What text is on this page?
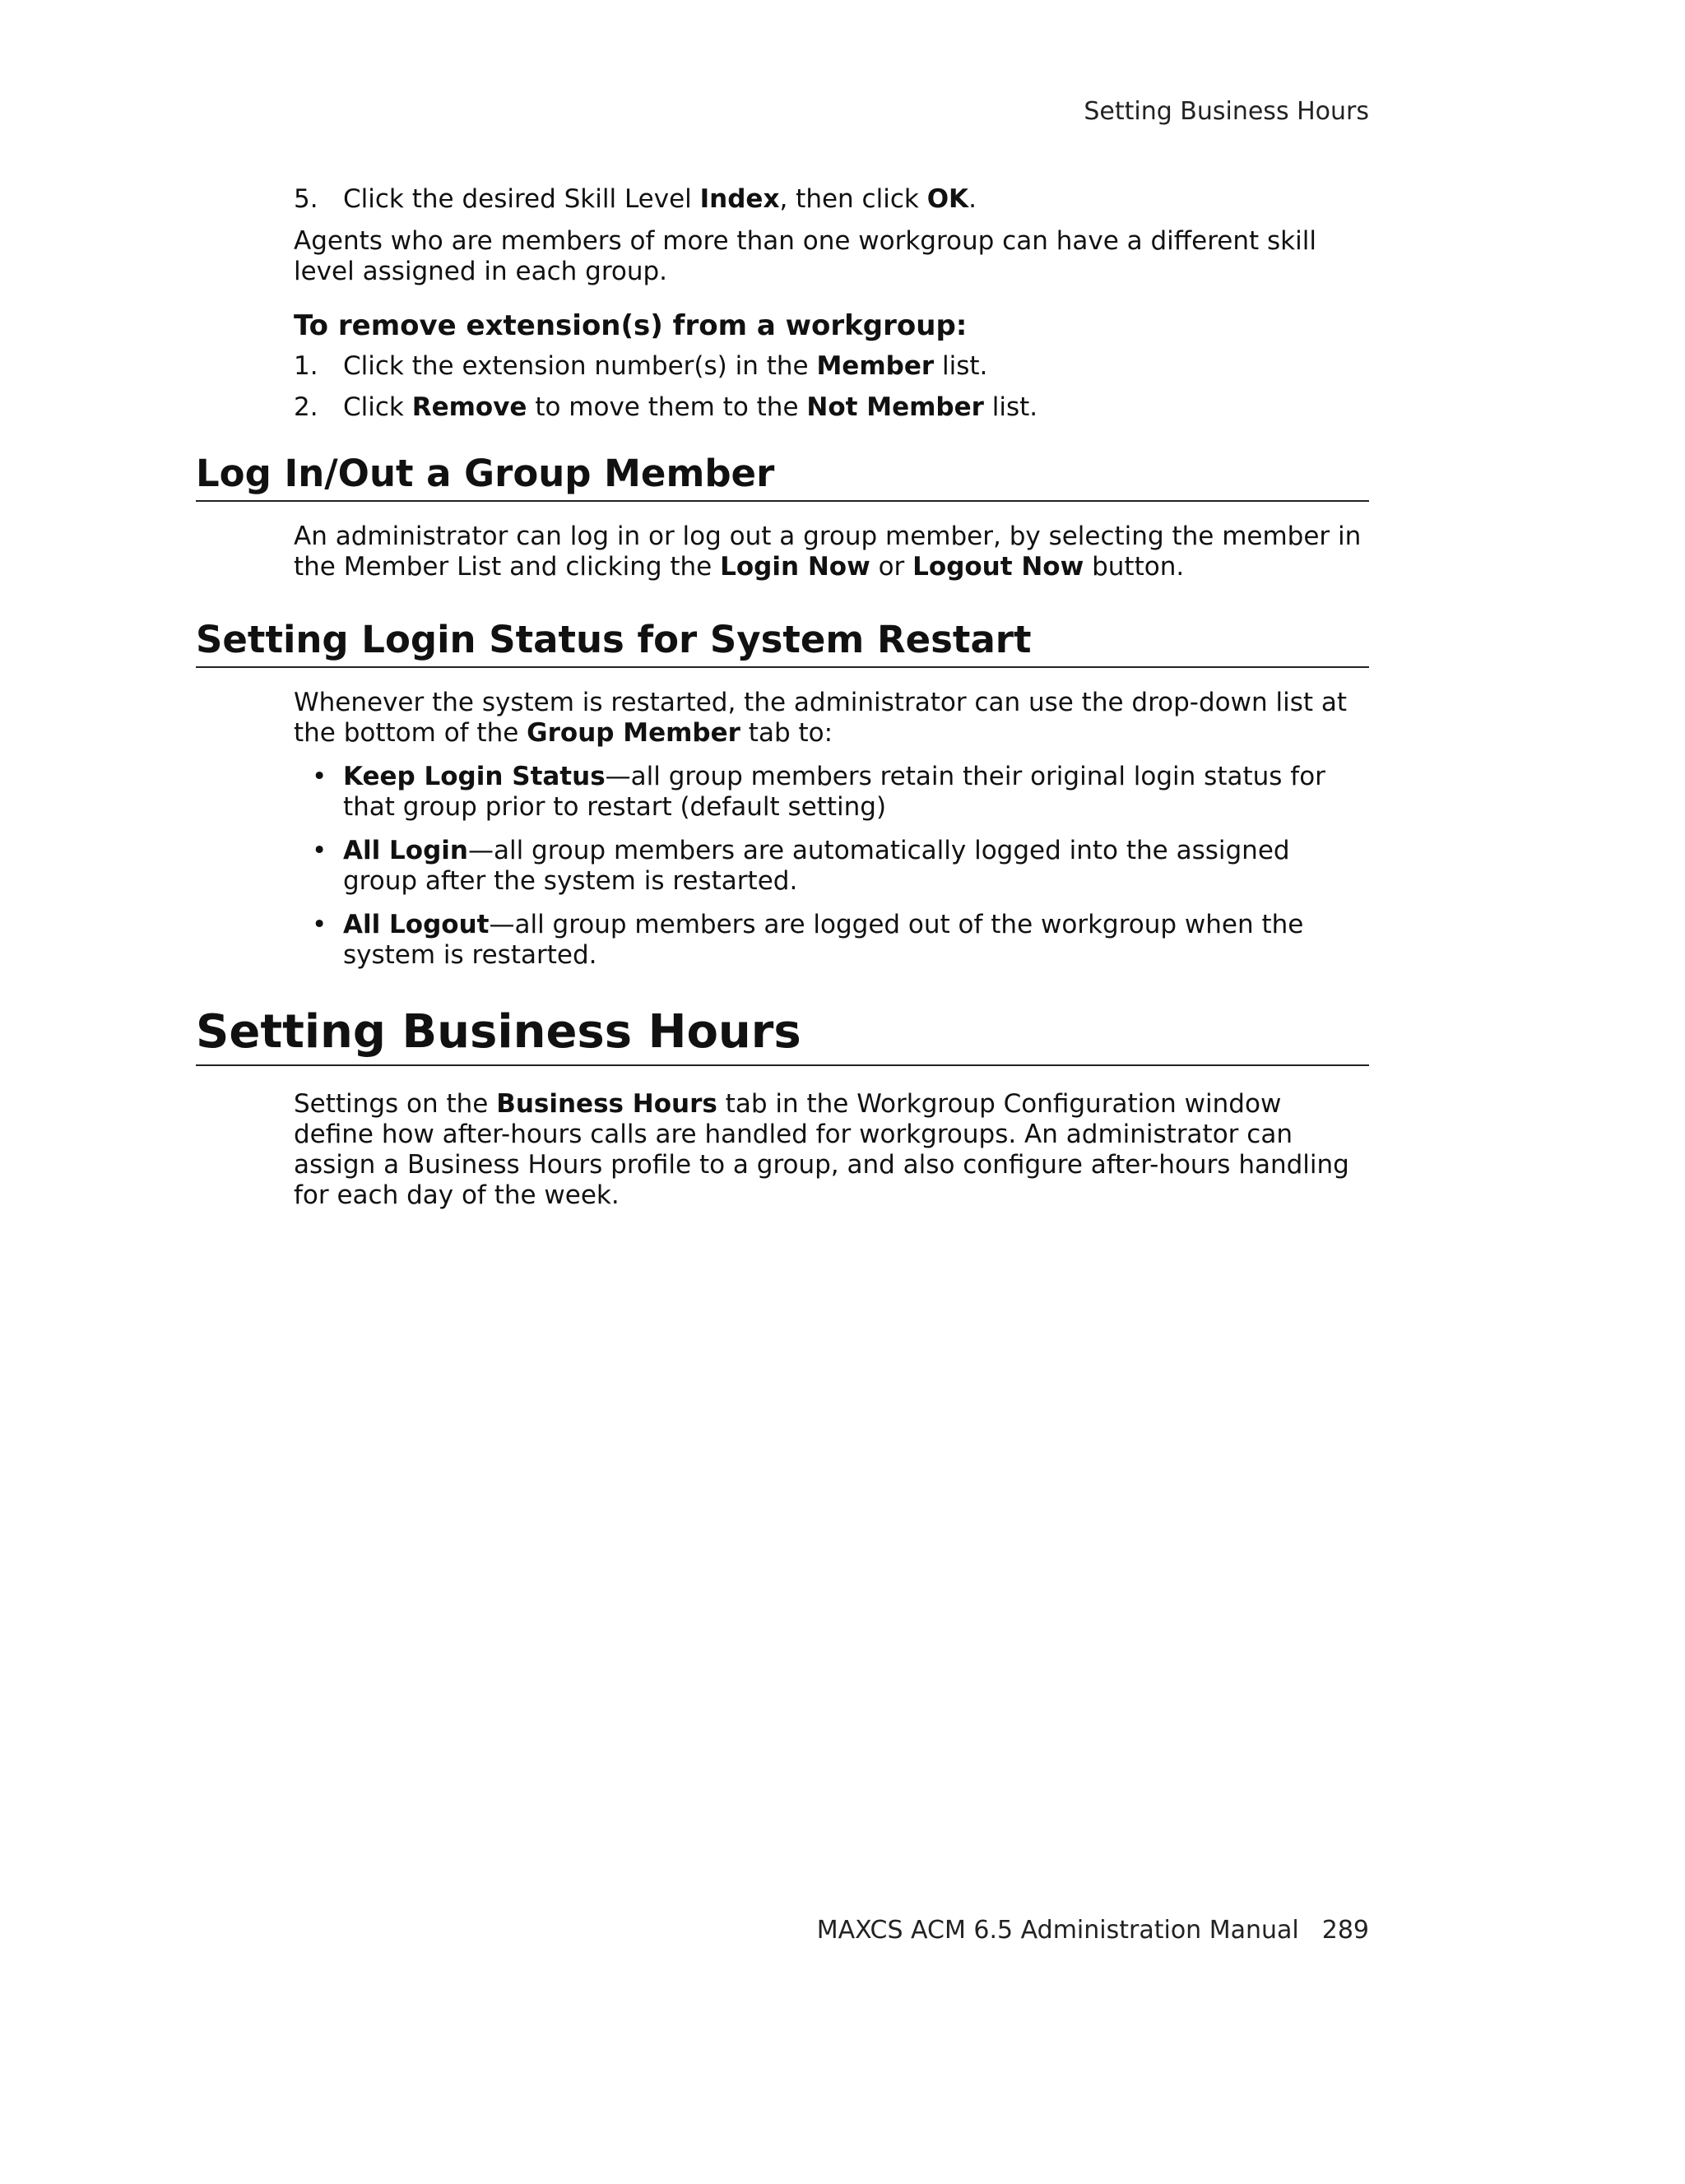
Setting Business Hours
5. Click the desired Skill Level Index, then click OK.

Agents who are members of more than one workgroup can have a different skill level assigned in each group.

To remove extension(s) from a workgroup:
1. Click the extension number(s) in the Member list.
2. Click Remove to move them to the Not Member list.
Log In/Out a Group Member

An administrator can log in or log out a group member, by selecting the member in the Member List and clicking the Login Now or Logout Now button.

Setting Login Status for System Restart

Whenever the system is restarted, the administrator can use the drop-down list at the bottom of the Group Member tab to:

• Keep Login Status—all group members retain their original login status for that group prior to restart (default setting)
• All Login—all group members are automatically logged into the assigned group after the system is restarted.
• All Logout—all group members are logged out of the workgroup when the system is restarted.
Setting Business Hours

Settings on the Business Hours tab in the Workgroup Configuration window define how after-hours calls are handled for workgroups. An administrator can assign a Business Hours profile to a group, and also configure after-hours handling for each day of the week.

MAXCS ACM 6.5 Administration Manual 289
